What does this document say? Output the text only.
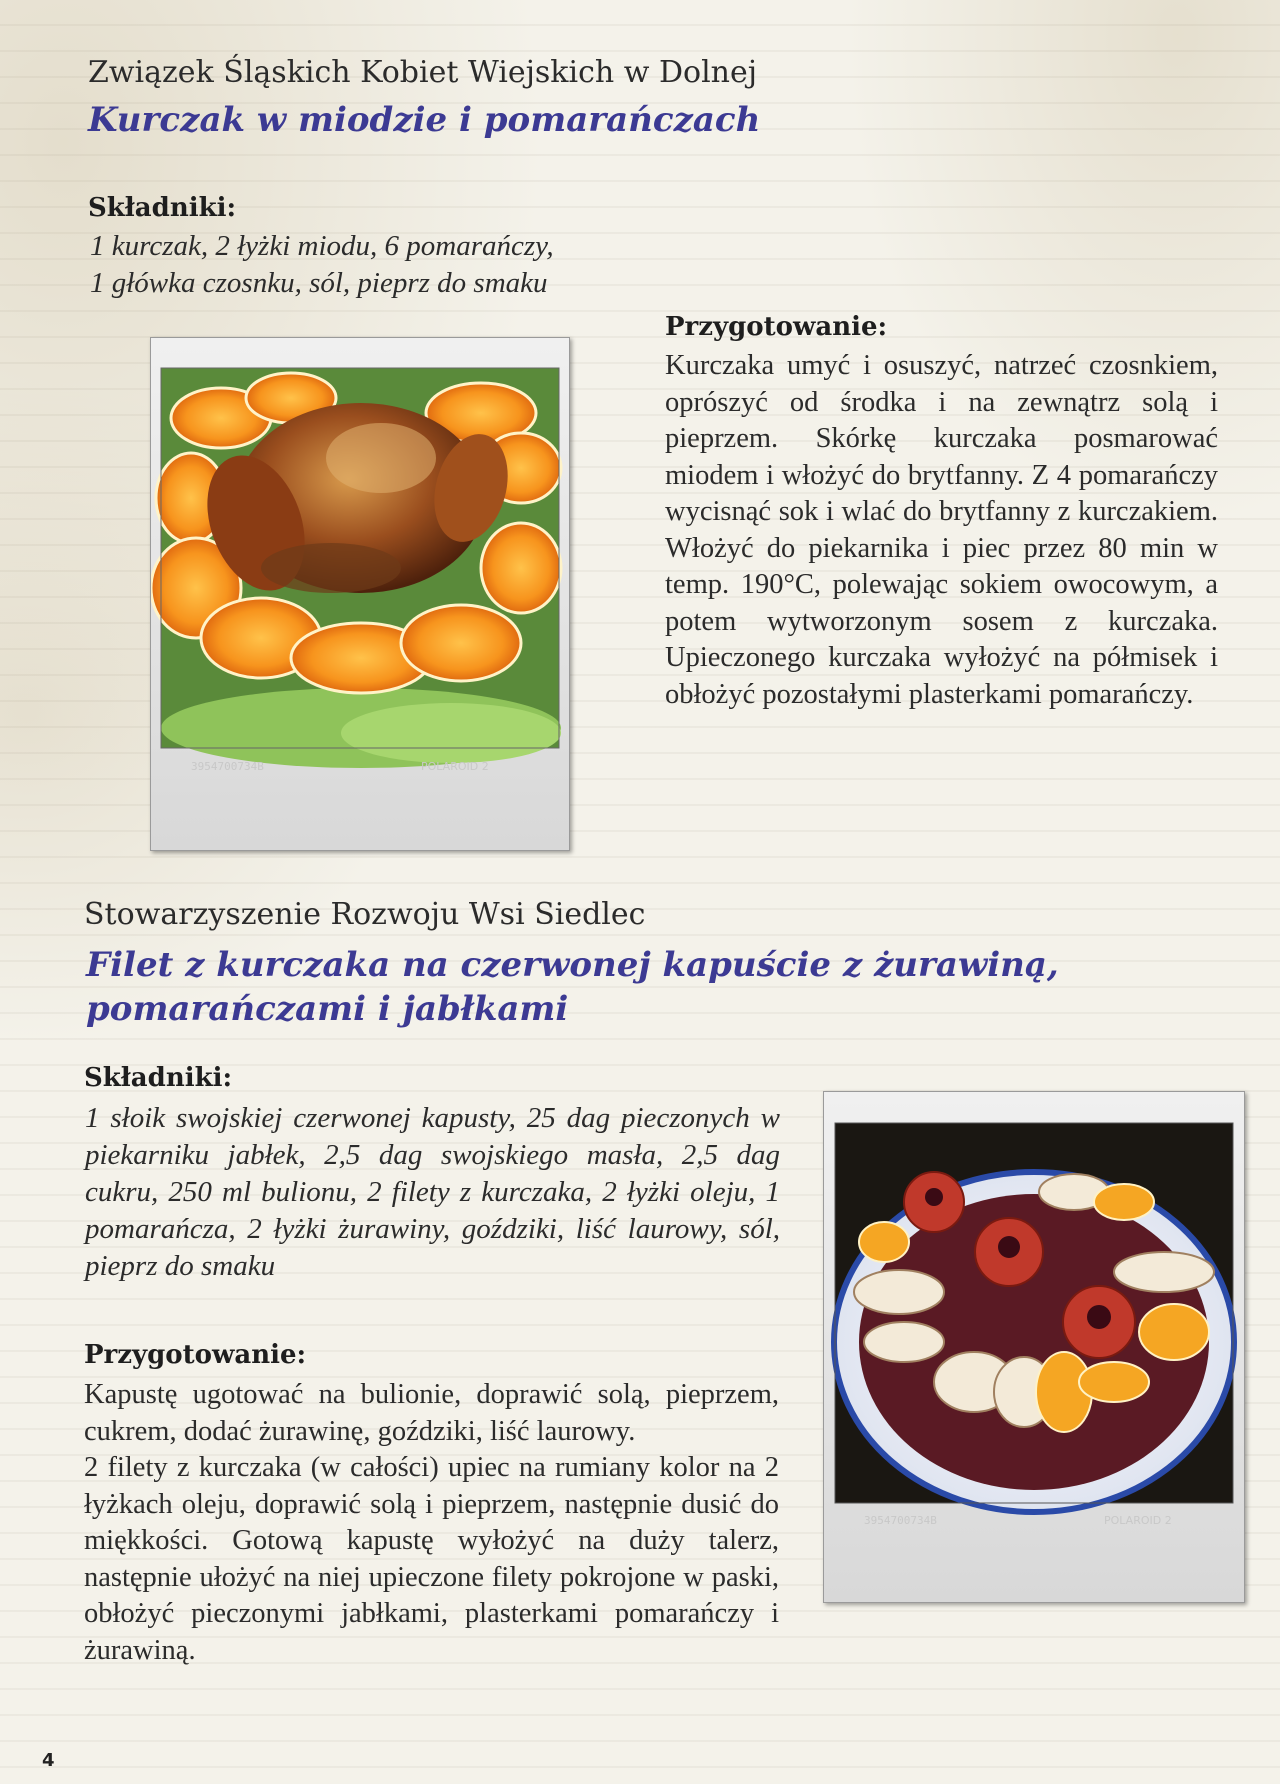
Związek Śląskich Kobiet Wiejskich w Dolnej
Kurczak w miodzie i pomarańczach
Składniki:
1 kurczak, 2 łyżki miodu, 6 pomarańczy,
1 główka czosnku, sól, pieprz do smaku
3954700734B	POLAROID 2
Przygotowanie:
Kurczaka umyć i osuszyć, natrzeć czosnkiem, oprószyć od środka i na zewnątrz solą i pieprzem. Skórkę kurczaka posmarować miodem i włożyć do brytfanny. Z 4 pomarańczy wycisnąć sok i wlać do brytfanny z kurczakiem. Włożyć do piekarnika i piec przez 80 min w temp. 190°C, polewając sokiem owocowym, a potem wytworzonym sosem z kurczaka. Upieczonego kurczaka wyłożyć na półmisek i obłożyć pozostałymi plasterkami pomarańczy.
Stowarzyszenie Rozwoju Wsi Siedlec
Filet z kurczaka na czerwonej kapuście z żurawiną,
pomarańczami i jabłkami
Składniki:
1 słoik swojskiej czerwonej kapusty, 25 dag pieczonych w piekarniku jabłek, 2,5 dag swojskiego masła, 2,5 dag cukru, 250 ml bulionu, 2 filety z kurczaka, 2 łyżki oleju, 1 pomarańcza, 2 łyżki żurawiny, goździki, liść laurowy, sól, pieprz do smaku
3954700734B	POLAROID 2
Przygotowanie:
Kapustę ugotować na bulionie, doprawić solą, pieprzem, cukrem, dodać żurawinę, goździki, liść laurowy.
2 filety z kurczaka (w całości) upiec na rumiany kolor na 2 łyżkach oleju, doprawić solą i pieprzem, następnie dusić do miękkości. Gotową kapustę wyłożyć na duży talerz, następnie ułożyć na niej upieczone filety pokrojone w paski, obłożyć pieczonymi jabłkami, plasterkami pomarańczy i żurawiną.
4
